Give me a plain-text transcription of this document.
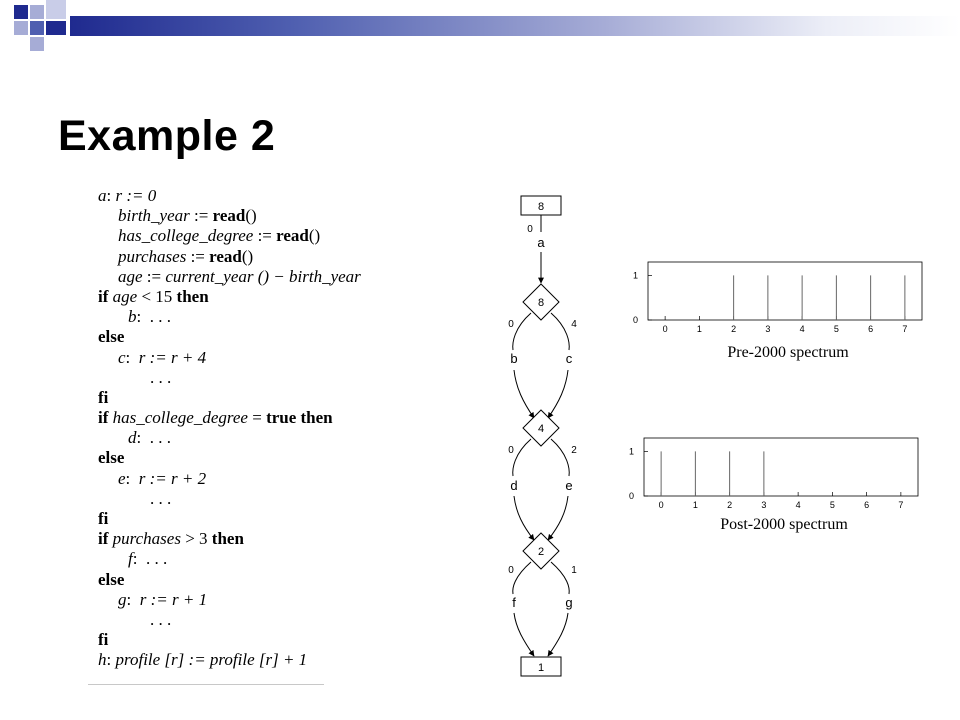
Example 2
a: r := 0
birth_year := read()
has_college_degree := read()
purchases := read()
age := current_year () − birth_year
if age < 15 then
b:  . . .
else
c:  r := r + 4
. . .
fi
if has_college_degree = true then
d:  . . .
else
e:  r := r + 2
. . .
fi
if purchases > 3 then
f:  . . .
else
g:  r := r + 1
. . .
fi
h: profile [r] := profile [r] + 1
8
0
a
8
0	4
b	c
4
0	2
d	e
2
0	1
f	g
1
0	1	2	3	4	5	6	7
0
1
Pre-2000 spectrum
0	1	2	3	4	5	6	7
0
1
Post-2000 spectrum
